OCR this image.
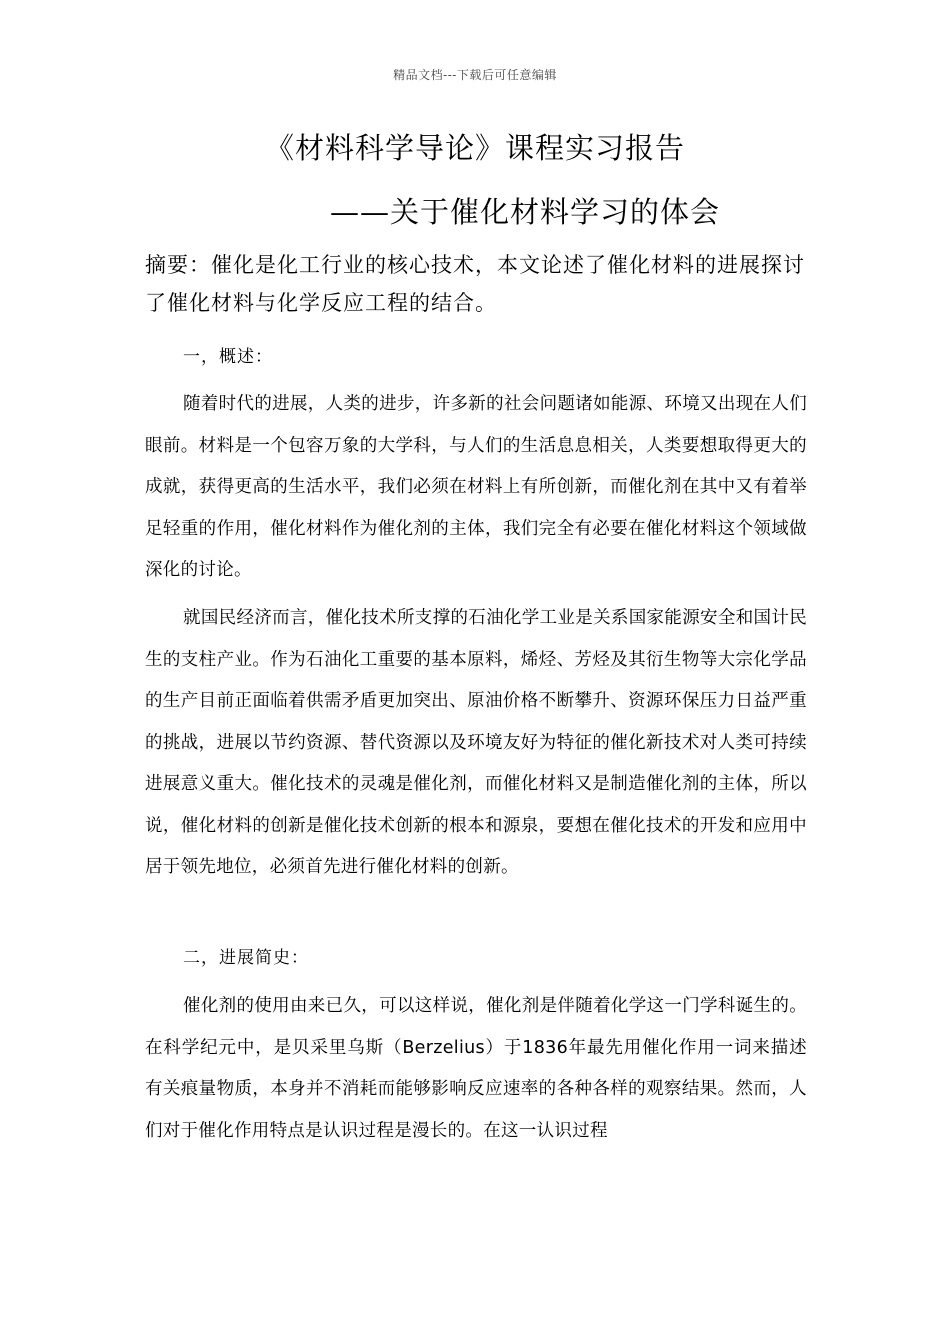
精品文档---下载后可任意编辑
《材料科学导论》课程实习报告
——关于催化材料学习的体会
摘要：催化是化工行业的核心技术，本文论述了催化材料的进展探讨了催化材料与化学反应工程的结合。
一，概述：
随着时代的进展，人类的进步，许多新的社会问题诸如能源、环境又出现在人们眼前。材料是一个包容万象的大学科，与人们的生活息息相关，人类要想取得更大的成就，获得更高的生活水平，我们必须在材料上有所创新，而催化剂在其中又有着举足轻重的作用，催化材料作为催化剂的主体，我们完全有必要在催化材料这个领域做深化的讨论。
就国民经济而言，催化技术所支撑的石油化学工业是关系国家能源安全和国计民生的支柱产业。作为石油化工重要的基本原料，烯烃、芳烃及其衍生物等大宗化学品的生产目前正面临着供需矛盾更加突出、原油价格不断攀升、资源环保压力日益严重的挑战，进展以节约资源、替代资源以及环境友好为特征的催化新技术对人类可持续进展意义重大。催化技术的灵魂是催化剂，而催化材料又是制造催化剂的主体，所以说，催化材料的创新是催化技术创新的根本和源泉，要想在催化技术的开发和应用中居于领先地位，必须首先进行催化材料的创新。
二，进展简史：
催化剂的使用由来已久，可以这样说，催化剂是伴随着化学这一门学科诞生的。在科学纪元中，是贝采里乌斯（Berzelius）于1836年最先用催化作用一词来描述有关痕量物质，本身并不消耗而能够影响反应速率的各种各样的观察结果。然而，人们对于催化作用特点是认识过程是漫长的。在这一认识过程
